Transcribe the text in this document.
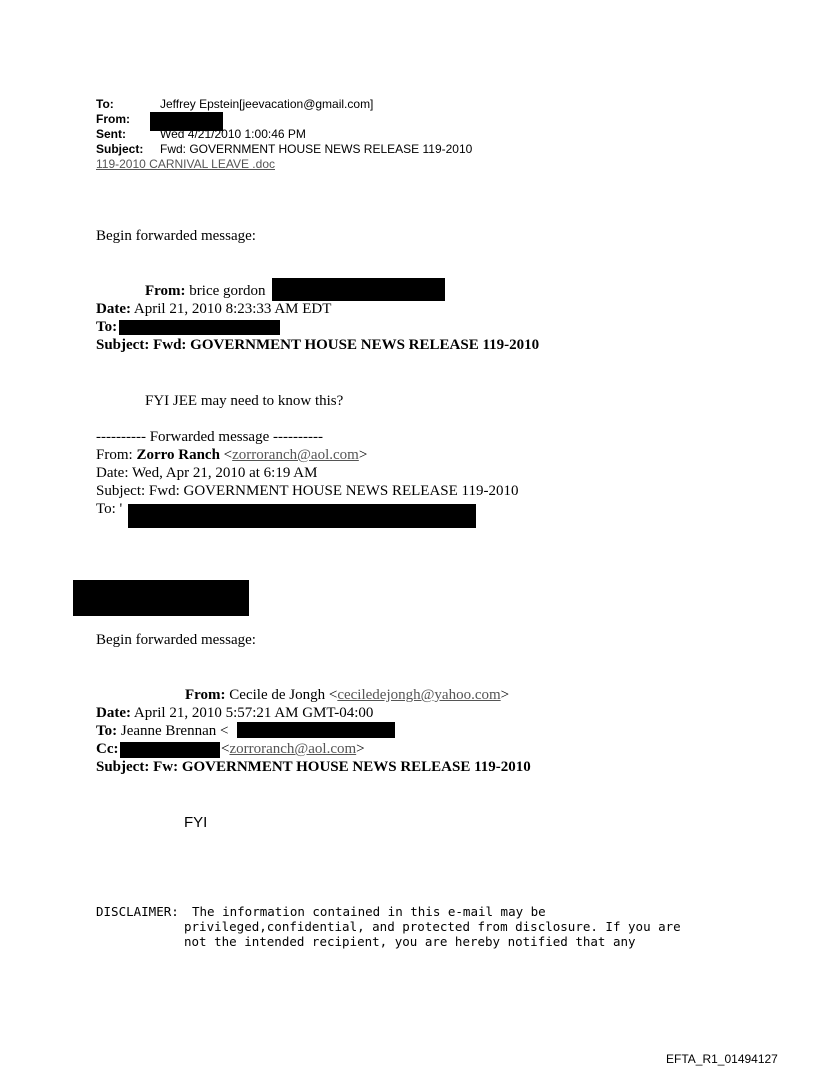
To:	Jeffrey Epstein[jeevacation@gmail.com]
From:
Sent:	Wed 4/21/2010 1:00:46 PM
Subject: Fwd: GOVERNMENT HOUSE NEWS RELEASE 119-2010
119-2010 CARNIVAL LEAVE .doc
Begin forwarded message:
From: brice gordon
Date: April 21, 2010 8:23:33 AM EDT
To:
Subject: Fwd: GOVERNMENT HOUSE NEWS RELEASE 119-2010
FYI JEE may need to know this?
---------- Forwarded message ----------
From: Zorro Ranch <zorroranch@aol.com>
Date: Wed, Apr 21, 2010 at 6:19 AM
Subject: Fwd: GOVERNMENT HOUSE NEWS RELEASE 119-2010
To: '
Begin forwarded message:
From: Cecile de Jongh <ceciledejongh@yahoo.com>
Date: April 21, 2010 5:57:21 AM GMT-04:00
To: Jeanne Brennan <
Cc:	<zorroranch@aol.com>
Subject: Fw: GOVERNMENT HOUSE NEWS RELEASE 119-2010
FYI
DISCLAIMER: The information contained in this e-mail may be
privileged,confidential, and protected from disclosure. If you are
not the intended recipient, you are hereby notified that any
EFTA_R1_01494127
